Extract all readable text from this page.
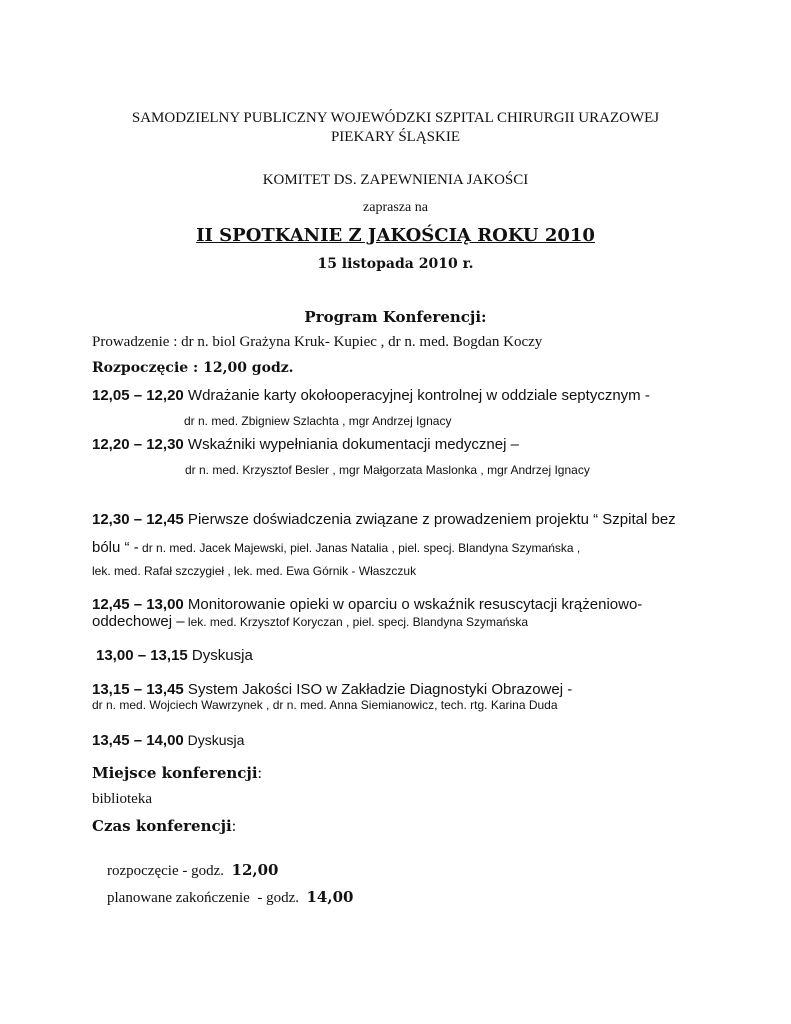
SAMODZIELNY PUBLICZNY WOJEWÓDZKI SZPITAL CHIRURGII URAZOWEJ
PIEKARY ŚLĄSKIE
KOMITET DS. ZAPEWNIENIA JAKOŚCI
zaprasza na
II SPOTKANIE Z JAKOŚCIĄ ROKU 2010
15 listopada 2010 r.
Program Konferencji:
Prowadzenie : dr n. biol Grażyna Kruk- Kupiec , dr n. med. Bogdan Koczy
Rozpoczęcie : 12,00 godz.
12,05 – 12,20 Wdrażanie karty okołooperacyjnej kontrolnej w oddziale septycznym -
dr n. med. Zbigniew Szlachta , mgr Andrzej Ignacy
12,20 – 12,30 Wskaźniki wypełniania dokumentacji medycznej –
dr n. med. Krzysztof Besler , mgr Małgorzata Maslonka , mgr Andrzej Ignacy
12,30 – 12,45 Pierwsze doświadczenia związane z prowadzeniem projektu “ Szpital bez
bólu “ - dr n. med. Jacek Majewski, piel. Janas Natalia , piel. specj. Blandyna Szymańska ,
lek. med. Rafał szczygieł , lek. med. Ewa Górnik - Właszczuk
12,45 – 13,00 Monitorowanie opieki w oparciu o wskaźnik resuscytacji krążeniowo-
oddechowej – lek. med. Krzysztof Koryczan , piel. specj. Blandyna Szymańska
13,00 – 13,15 Dyskusja
13,15 – 13,45 System Jakości ISO w Zakładzie Diagnostyki Obrazowej -
dr n. med. Wojciech Wawrzynek , dr n. med. Anna Siemianowicz, tech. rtg. Karina Duda
13,45 – 14,00 Dyskusja
Miejsce konferencji:
biblioteka
Czas konferencji:

rozpoczęcie - godz.  12,00

planowane zakończenie  - godz.  14,00
